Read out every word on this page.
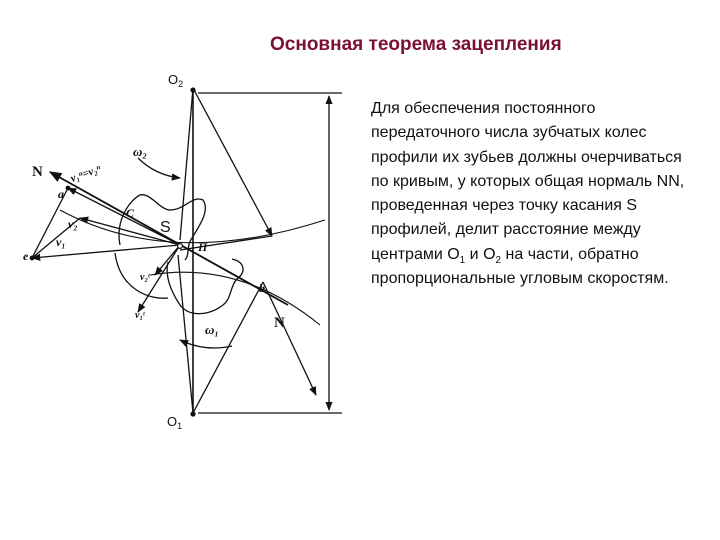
Основная теорема зацепления
$O_2$
$O_1$
S
N
N
ω₂
ω₁
C
П
a
e
b
v₂
v₁
v₁ⁿ=v₂ⁿ
v₂ᵗ
v₁ᵗ
Для обеспечения постоянного передаточного числа зубчатых колес профили их зубьев должны очерчиваться по кривым, у которых общая нормаль NN, проведенная через точку касания S профилей, делит расстояние между центрами $O_1$ и $O_2$ на части, обратно пропорциональные угловым скоростям.
